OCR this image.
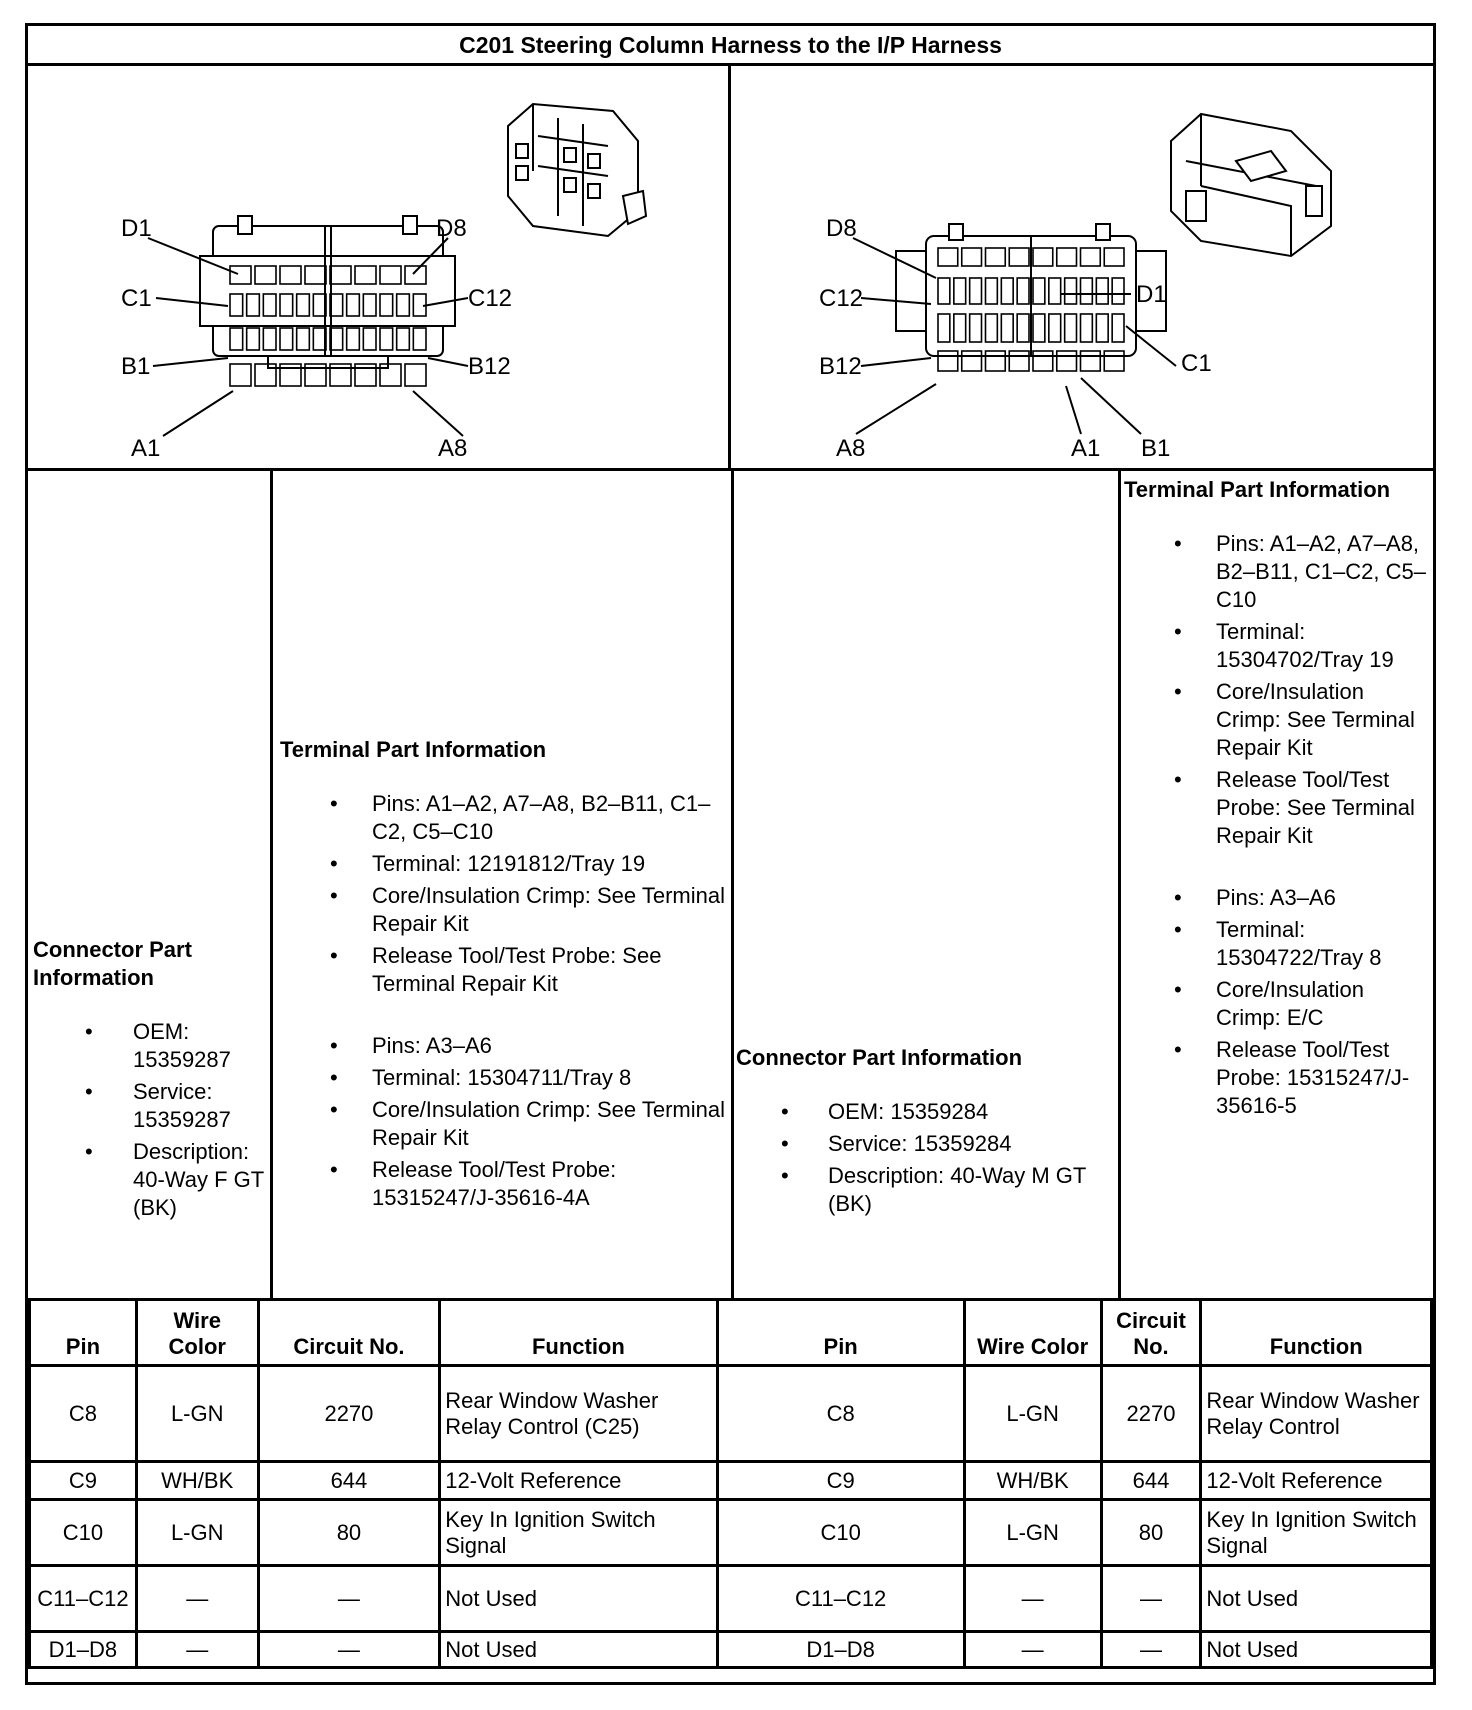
C201 Steering Column Harness to the I/P Harness
D1	D8
C1	C12
B1	B12
A1	A8
D8
D1
C12
C1
B12
A8	A1 B1
Connector Part Information
• OEM: 15359287
• Service: 15359287
• Description: 40-Way F GT (BK)
Terminal Part Information
• Pins: A1–A2, A7–A8, B2–B11, C1–C2, C5–C10
• Terminal: 12191812/Tray 19
• Core/Insulation Crimp: See Terminal Repair Kit
• Release Tool/Test Probe: See Terminal Repair Kit
• Pins: A3–A6
• Terminal: 15304711/Tray 8
• Core/Insulation Crimp: See Terminal Repair Kit
• Release Tool/Test Probe: 15315247/J-35616-4A
Connector Part Information
• OEM: 15359284
• Service: 15359284
• Description: 40-Way M GT (BK)
Terminal Part Information
• Pins: A1–A2, A7–A8, B2–B11, C1–C2, C5–C10
• Terminal: 15304702/Tray 19
• Core/Insulation Crimp: See Terminal Repair Kit
• Release Tool/Test Probe: See Terminal Repair Kit
• Pins: A3–A6
• Terminal: 15304722/Tray 8
• Core/Insulation Crimp: E/C
• Release Tool/Test Probe: 15315247/J-35616-5
Pin	Wire Color	Circuit No.	Function	Pin	Wire Color	Circuit No.	Function
C8	L-GN	2270	Rear Window Washer Relay Control (C25)	C8	L-GN	2270	Rear Window Washer Relay Control
C9	WH/BK	644	12-Volt Reference	C9	WH/BK	644	12-Volt Reference
C10	L-GN	80	Key In Ignition Switch Signal	C10	L-GN	80	Key In Ignition Switch Signal
C11–C12	—	—	Not Used	C11–C12	—	—	Not Used
D1–D8	—	—	Not Used	D1–D8	—	—	Not Used
